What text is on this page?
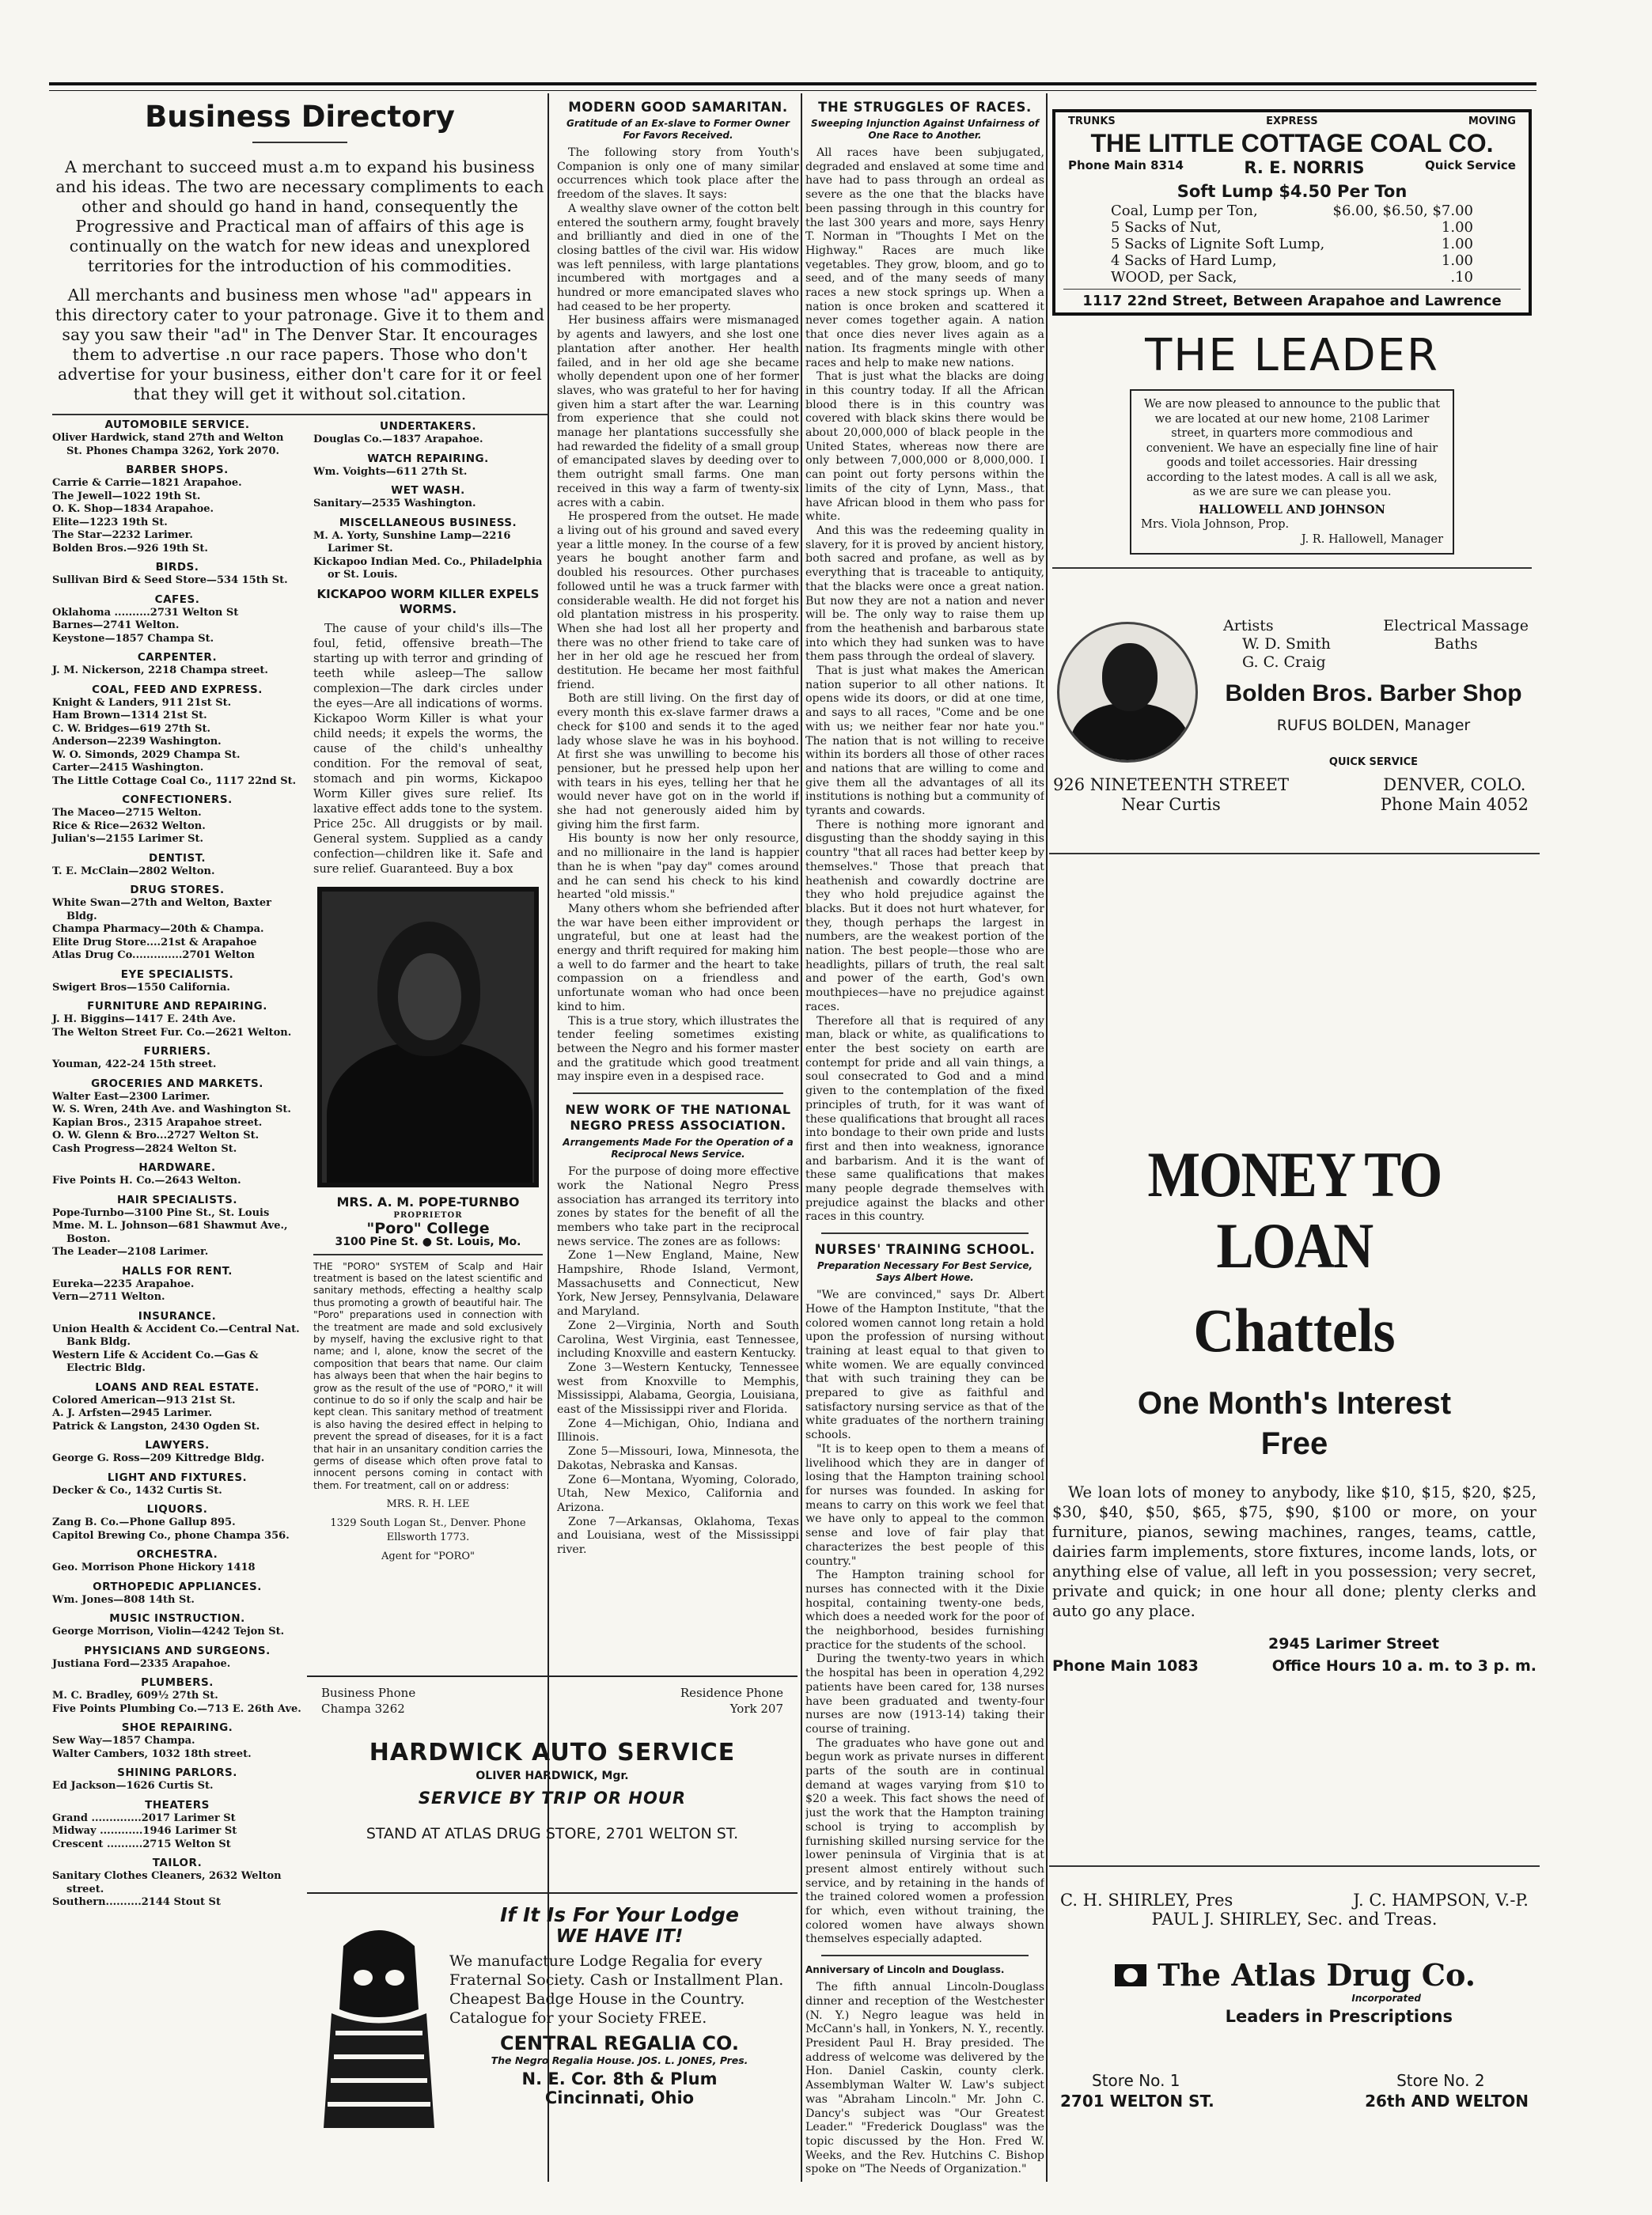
Business Directory

A merchant to succeed must a.m to expand his business and his ideas. The two are necessary compliments to each other and should go hand in hand, consequently the Progressive and Practical man of affairs of this age is continually on the watch for new ideas and unexplored territories for the introduction of his commodities.

All merchants and business men whose "ad" appears in this directory cater to your patronage. Give it to them and say you saw their "ad" in The Denver Star. It encourages them to advertise .n our race papers. Those who don't advertise for your business, either don't care for it or feel that they will get it without sol.citation.

AUTOMOBILE SERVICE.
Oliver Hardwick, stand 27th and Welton St. Phones Champa 3262, York 2070.
BARBER SHOPS.
Carrie & Carrie—1821 Arapahoe.
The Jewell—1022 19th St.
O. K. Shop—1834 Arapahoe.
Elite—1223 19th St.
The Star—2232 Larimer.
Bolden Bros.—926 19th St.
BIRDS.
Sullivan Bird & Seed Store—534 15th St.
CAFES.
Oklahoma ..........2731 Welton St
Barnes—2741 Welton.
Keystone—1857 Champa St.
CARPENTER.
J. M. Nickerson, 2218 Champa street.
COAL, FEED AND EXPRESS.
Knight & Landers, 911 21st St.
Ham Brown—1314 21st St.
C. W. Bridges—619 27th St.
Anderson—2239 Washington.
W. O. Simonds, 2029 Champa St.
Carter—2415 Washington.
The Little Cottage Coal Co., 1117 22nd St.
CONFECTIONERS.
The Maceo—2715 Welton.
Rice & Rice—2632 Welton.
Julian's—2155 Larimer St.
DENTIST.
T. E. McClain—2802 Welton.
DRUG STORES.
White Swan—27th and Welton, Baxter Bldg.
Champa Pharmacy—20th & Champa.
Elite Drug Store....21st & Arapahoe
Atlas Drug Co..............2701 Welton
EYE SPECIALISTS.
Swigert Bros—1550 California.
FURNITURE AND REPAIRING.
J. H. Biggins—1417 E. 24th Ave.
The Welton Street Fur. Co.—2621 Welton.
FURRIERS.
Youman, 422-24 15th street.
GROCERIES AND MARKETS.
Walter East—2300 Larimer.
W. S. Wren, 24th Ave. and Washington St.
Kapian Bros., 2315 Arapahoe street.
O. W. Glenn & Bro...2727 Welton St.
Cash Progress—2824 Welton St.
HARDWARE.
Five Points H. Co.—2643 Welton.
HAIR SPECIALISTS.
Pope-Turnbo—3100 Pine St., St. Louis
Mme. M. L. Johnson—681 Shawmut Ave., Boston.
The Leader—2108 Larimer.
HALLS FOR RENT.
Eureka—2235 Arapahoe.
Vern—2711 Welton.
INSURANCE.
Union Health & Accident Co.—Central Nat. Bank Bldg.
Western Life & Accident Co.—Gas & Electric Bldg.
LOANS AND REAL ESTATE.
Colored American—913 21st St.
A. J. Arfsten—2945 Larimer.
Patrick & Langston, 2430 Ogden St.
LAWYERS.
George G. Ross—209 Kittredge Bldg.
LIGHT AND FIXTURES.
Decker & Co., 1432 Curtis St.
LIQUORS.
Zang B. Co.—Phone Gallup 895.
Capitol Brewing Co., phone Champa 356.
ORCHESTRA.
Geo. Morrison Phone Hickory 1418
ORTHOPEDIC APPLIANCES.
Wm. Jones—808 14th St.
MUSIC INSTRUCTION.
George Morrison, Violin—4242 Tejon St.
PHYSICIANS AND SURGEONS.
Justiana Ford—2335 Arapahoe.
PLUMBERS.
M. C. Bradley, 609½ 27th St.
Five Points Plumbing Co.—713 E. 26th Ave.
SHOE REPAIRING.
Sew Way—1857 Champa.
Walter Cambers, 1032 18th street.
SHINING PARLORS.
Ed Jackson—1626 Curtis St.
THEATERS
Grand ..............2017 Larimer St
Midway ............1946 Larimer St
Crescent ..........2715 Welton St
TAILOR.
Sanitary Clothes Cleaners, 2632 Welton street.
Southern..........2144 Stout St
UNDERTAKERS.
Douglas Co.—1837 Arapahoe.
WATCH REPAIRING.
Wm. Voights—611 27th St.
WET WASH.
Sanitary—2535 Washington.
MISCELLANEOUS BUSINESS.
M. A. Yorty, Sunshine Lamp—2216 Larimer St.
Kickapoo Indian Med. Co., Philadelphia or St. Louis.
KICKAPOO WORM KILLER EXPELS WORMS.

The cause of your child's ills—The foul, fetid, offensive breath—The starting up with terror and grinding of teeth while asleep—The sallow complexion—The dark circles under the eyes—Are all indications of worms. Kickapoo Worm Killer is what your child needs; it expels the worms, the cause of the child's unhealthy condition. For the removal of seat, stomach and pin worms, Kickapoo Worm Killer gives sure relief. Its laxative effect adds tone to the system. Price 25c. All druggists or by mail. General system. Supplied as a candy confection—children like it. Safe and sure relief. Guaranteed. Buy a box

MRS. A. M. POPE-TURNBO
PROPRIETOR
"Poro" College
3100 Pine St. ● St. Louis, Mo.

THE "PORO" SYSTEM of Scalp and Hair treatment is based on the latest scientific and sanitary methods, effecting a healthy scalp thus promoting a growth of beautiful hair. The "Poro" preparations used in connection with the treatment are made and sold exclusively by myself, having the exclusive right to that name; and I, alone, know the secret of the composition that bears that name. Our claim has always been that when the hair begins to grow as the result of the use of "PORO," it will continue to do so if only the scalp and hair be kept clean. This sanitary method of treatment is also having the desired effect in helping to prevent the spread of diseases, for it is a fact that hair in an unsanitary condition carries the germs of disease which often prove fatal to innocent persons coming in contact with them. For treatment, call on or address:

MRS. R. H. LEE
1329 South Logan St., Denver. Phone Ellsworth 1773.
Agent for "PORO"
MODERN GOOD SAMARITAN.
Gratitude of an Ex-slave to Former Owner For Favors Received.

The following story from Youth's Companion is only one of many similar occurrences which took place after the freedom of the slaves. It says:

A wealthy slave owner of the cotton belt entered the southern army, fought bravely and brilliantly and died in one of the closing battles of the civil war. His widow was left penniless, with large plantations incumbered with mortgages and a hundred or more emancipated slaves who had ceased to be her property.

Her business affairs were mismanaged by agents and lawyers, and she lost one plantation after another. Her health failed, and in her old age she became wholly dependent upon one of her former slaves, who was grateful to her for having given him a start after the war. Learning from experience that she could not manage her plantations successfully she had rewarded the fidelity of a small group of emancipated slaves by deeding over to them outright small farms. One man received in this way a farm of twenty-six acres with a cabin.

He prospered from the outset. He made a living out of his ground and saved every year a little money. In the course of a few years he bought another farm and doubled his resources. Other purchases followed until he was a truck farmer with considerable wealth. He did not forget his old plantation mistress in his prosperity. When she had lost all her property and there was no other friend to take care of her in her old age he rescued her from destitution. He became her most faithful friend.

Both are still living. On the first day of every month this ex-slave farmer draws a check for $100 and sends it to the aged lady whose slave he was in his boyhood. At first she was unwilling to become his pensioner, but he pressed help upon her with tears in his eyes, telling her that he would never have got on in the world if she had not generously aided him by giving him the first farm.

His bounty is now her only resource, and no millionaire in the land is happier than he is when "pay day" comes around and he can send his check to his kind hearted "old missis."

Many others whom she befriended after the war have been either improvident or ungrateful, but one at least had the energy and thrift required for making him a well to do farmer and the heart to take compassion on a friendless and unfortunate woman who had once been kind to him.

This is a true story, which illustrates the tender feeling sometimes existing between the Negro and his former master and the gratitude which good treatment may inspire even in a despised race.

NEW WORK OF THE NATIONAL NEGRO PRESS ASSOCIATION.
Arrangements Made For the Operation of a Reciprocal News Service.

For the purpose of doing more effective work the National Negro Press association has arranged its territory into zones by states for the benefit of all the members who take part in the reciprocal news service. The zones are as follows:

Zone 1—New England, Maine, New Hampshire, Rhode Island, Vermont, Massachusetts and Connecticut, New York, New Jersey, Pennsylvania, Delaware and Maryland.

Zone 2—Virginia, North and South Carolina, West Virginia, east Tennessee, including Knoxville and eastern Kentucky.

Zone 3—Western Kentucky, Tennessee west from Knoxville to Memphis, Mississippi, Alabama, Georgia, Louisiana, east of the Mississippi river and Florida.

Zone 4—Michigan, Ohio, Indiana and Illinois.

Zone 5—Missouri, Iowa, Minnesota, the Dakotas, Nebraska and Kansas.

Zone 6—Montana, Wyoming, Colorado, Utah, New Mexico, California and Arizona.

Zone 7—Arkansas, Oklahoma, Texas and Louisiana, west of the Mississippi river.

THE STRUGGLES OF RACES.
Sweeping Injunction Against Unfairness of One Race to Another.

All races have been subjugated, degraded and enslaved at some time and have had to pass through an ordeal as severe as the one that the blacks have been passing through in this country for the last 300 years and more, says Henry T. Norman in "Thoughts I Met on the Highway." Races are much like vegetables. They grow, bloom, and go to seed, and of the many seeds of many races a new stock springs up. When a nation is once broken and scattered it never comes together again. A nation that once dies never lives again as a nation. Its fragments mingle with other races and help to make new nations.

That is just what the blacks are doing in this country today. If all the African blood there is in this country was covered with black skins there would be about 20,000,000 of black people in the United States, whereas now there are only between 7,000,000 or 8,000,000. I can point out forty persons within the limits of the city of Lynn, Mass., that have African blood in them who pass for white.

And this was the redeeming quality in slavery, for it is proved by ancient history, both sacred and profane, as well as by everything that is traceable to antiquity, that the blacks were once a great nation. But now they are not a nation and never will be. The only way to raise them up from the heathenish and barbarous state into which they had sunken was to have them pass through the ordeal of slavery.

That is just what makes the American nation superior to all other nations. It opens wide its doors, or did at one time, and says to all races, "Come and be one with us; we neither fear nor hate you." The nation that is not willing to receive within its borders all those of other races and nations that are willing to come and give them all the advantages of all its institutions is nothing but a community of tyrants and cowards.

There is nothing more ignorant and disgusting than the shoddy saying in this country "that all races had better keep by themselves." Those that preach that heathenish and cowardly doctrine are they who hold prejudice against the blacks. But it does not hurt whatever, for they, though perhaps the largest in numbers, are the weakest portion of the nation. The best people—those who are headlights, pillars of truth, the real salt and power of the earth, God's own mouthpieces—have no prejudice against races.

Therefore all that is required of any man, black or white, as qualifications to enter the best society on earth are contempt for pride and all vain things, a soul consecrated to God and a mind given to the contemplation of the fixed principles of truth, for it was want of these qualifications that brought all races into bondage to their own pride and lusts first and then into weakness, ignorance and barbarism. And it is the want of these same qualifications that makes many people degrade themselves with prejudice against the blacks and other races in this country.

NURSES' TRAINING SCHOOL.
Preparation Necessary For Best Service, Says Albert Howe.

"We are convinced," says Dr. Albert Howe of the Hampton Institute, "that the colored women cannot long retain a hold upon the profession of nursing without training at least equal to that given to white women. We are equally convinced that with such training they can be prepared to give as faithful and satisfactory nursing service as that of the white graduates of the northern training schools.

"It is to keep open to them a means of livelihood which they are in danger of losing that the Hampton training school for nurses was founded. In asking for means to carry on this work we feel that we have only to appeal to the common sense and love of fair play that characterizes the best people of this country."

The Hampton training school for nurses has connected with it the Dixie hospital, containing twenty-one beds, which does a needed work for the poor of the neighborhood, besides furnishing practice for the students of the school.

During the twenty-two years in which the hospital has been in operation 4,292 patients have been cared for, 138 nurses have been graduated and twenty-four nurses are now (1913-14) taking their course of training.

The graduates who have gone out and begun work as private nurses in different parts of the south are in continual demand at wages varying from $10 to $20 a week. This fact shows the need of just the work that the Hampton training school is trying to accomplish by furnishing skilled nursing service for the lower peninsula of Virginia that is at present almost entirely without such service, and by retaining in the hands of the trained colored women a profession for which, even without training, the colored women have always shown themselves especially adapted.

Anniversary of Lincoln and Douglass.

The fifth annual Lincoln-Douglass dinner and reception of the Westchester (N. Y.) Negro league was held in McCann's hall, in Yonkers, N. Y., recently. President Paul H. Bray presided. The address of welcome was delivered by the Hon. Daniel Caskin, county clerk. Assemblyman Walter W. Law's subject was "Abraham Lincoln." Mr. John C. Dancy's subject was "Our Greatest Leader." "Frederick Douglass" was the topic discussed by the Hon. Fred W. Weeks, and the Rev. Hutchins C. Bishop spoke on "The Needs of Organization."

Business Phone
Champa 3262
Residence Phone
York 207
HARDWICK AUTO SERVICE
OLIVER HARDWICK, Mgr.
SERVICE BY TRIP OR HOUR
STAND AT ATLAS DRUG STORE, 2701 WELTON ST.
If It Is For Your Lodge
WE HAVE IT!

We manufacture Lodge Regalia for every Fraternal Society. Cash or Installment Plan. Cheapest Badge House in the Country. Catalogue for your Society FREE.

CENTRAL REGALIA CO.
The Negro Regalia House. JOS. L. JONES, Pres.
N. E. Cor. 8th & Plum
Cincinnati, Ohio
TRUNKS	EXPRESS	MOVING
THE LITTLE COTTAGE COAL CO.
Phone Main 8314	R. E. NORRIS	Quick Service
Soft Lump $4.50 Per Ton
Coal, Lump per Ton,	$6.00, $6.50, $7.00
5 Sacks of Nut,	1.00
5 Sacks of Lignite Soft Lump,	1.00
4 Sacks of Hard Lump,	1.00
WOOD, per Sack,	.10
1117 22nd Street, Between Arapahoe and Lawrence
THE LEADER

We are now pleased to announce to the public that we are located at our new home, 2108 Larimer street, in quarters more commodious and convenient. We have an especially fine line of hair goods and toilet accessories. Hair dressing according to the latest modes. A call is all we ask, as we are sure we can please you.

HALLOWELL AND JOHNSON
Mrs. Viola Johnson, Prop.
J. R. Hallowell, Manager
Artists
W. D. Smith
G. C. Craig
Electrical Massage
Baths
Bolden Bros. Barber Shop
RUFUS BOLDEN, Manager
QUICK SERVICE
926 NINETEENTH STREET
Near Curtis
DENVER, COLO.
Phone Main 4052
MONEY TO LOAN
Chattels
One Month's Interest
Free

We loan lots of money to anybody, like $10, $15, $20, $25, $30, $40, $50, $65, $75, $90, $100 or more, on your furniture, pianos, sewing machines, ranges, teams, cattle, dairies farm implements, store fixtures, income lands, lots, or anything else of value, all left in you possession; very secret, private and quick; in one hour all done; plenty clerks and auto go any place.

2945 Larimer Street
Phone Main 1083	Office Hours 10 a. m. to 3 p. m.
C. H. SHIRLEY, Pres	J. C. HAMPSON, V.-P.
PAUL J. SHIRLEY, Sec. and Treas.
The Atlas Drug Co.
Incorporated
Leaders in Prescriptions
Store No. 1
2701 WELTON ST.
Store No. 2
26th AND WELTON
